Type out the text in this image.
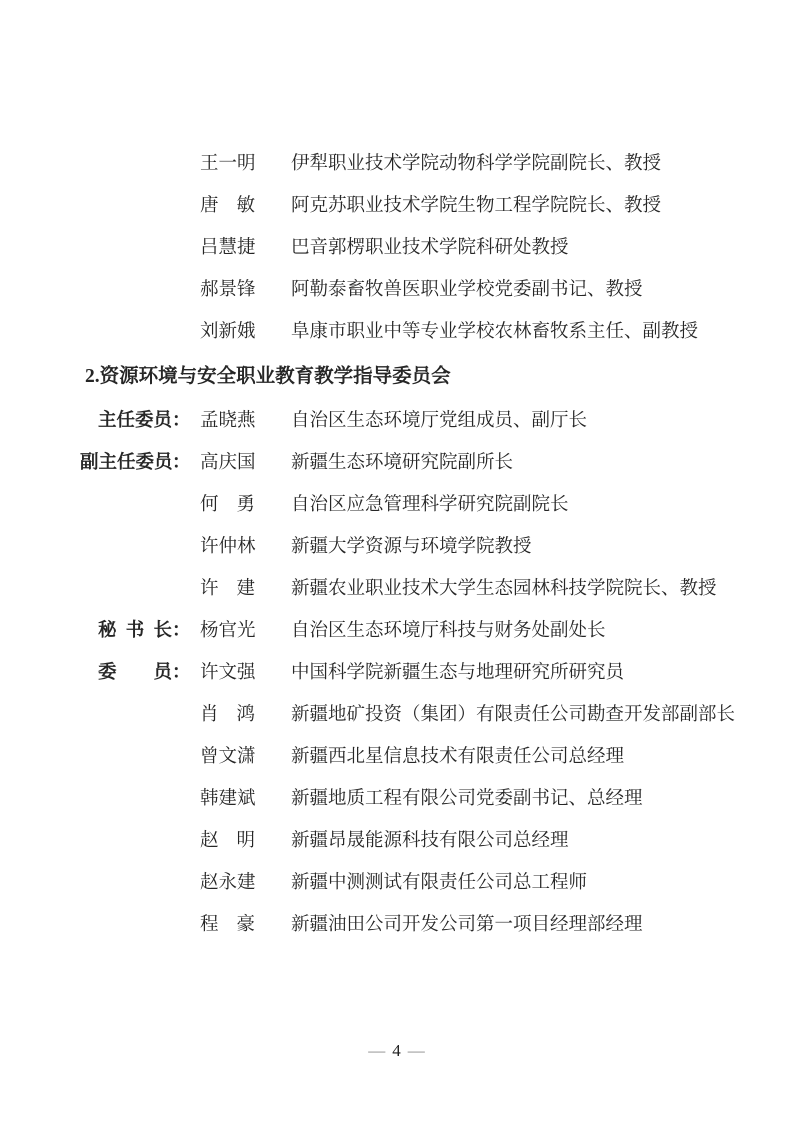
王一明 伊犁职业技术学院动物科学学院副院长、教授
唐敏 阿克苏职业技术学院生物工程学院院长、教授
吕慧捷 巴音郭楞职业技术学院科研处教授
郝景锋 阿勒泰畜牧兽医职业学校党委副书记、教授
刘新娥 阜康市职业中等专业学校农林畜牧系主任、副教授
2.资源环境与安全职业教育教学指导委员会
主任委员： 孟晓燕 自治区生态环境厅党组成员、副厅长
副主任委员： 高庆国 新疆生态环境研究院副所长
何勇 自治区应急管理科学研究院副院长
许仲林 新疆大学资源与环境学院教授
许建 新疆农业职业技术大学生态园林科技学院院长、教授
秘书长： 杨官光 自治区生态环境厅科技与财务处副处长
委员： 许文强 中国科学院新疆生态与地理研究所研究员
肖鸿 新疆地矿投资（集团）有限责任公司勘查开发部副部长
曾文潇 新疆西北星信息技术有限责任公司总经理
韩建斌 新疆地质工程有限公司党委副书记、总经理
赵明 新疆昂晟能源科技有限公司总经理
赵永建 新疆中测测试有限责任公司总工程师
程豪 新疆油田公司开发公司第一项目经理部经理
— 4 —
